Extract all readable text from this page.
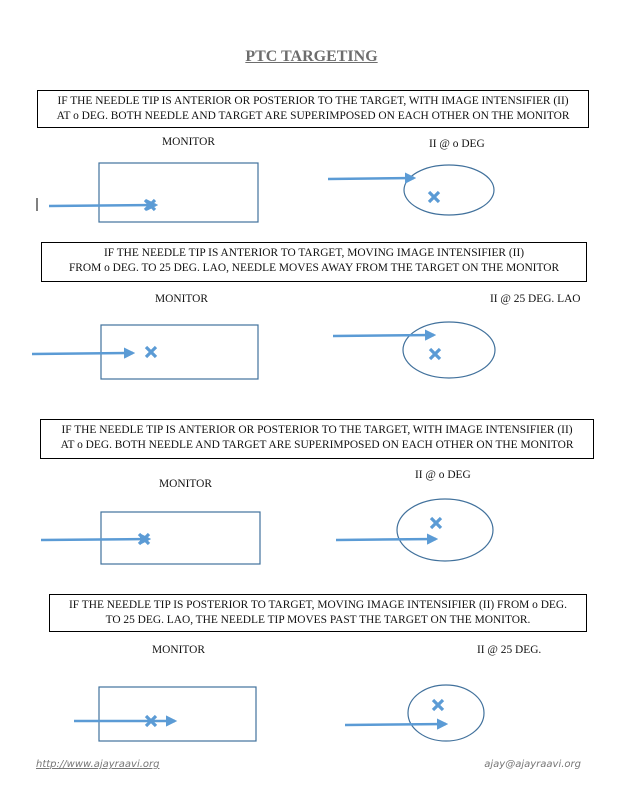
PTC TARGETING
IF THE NEEDLE TIP IS ANTERIOR OR POSTERIOR TO THE TARGET, WITH IMAGE INTENSIFIER (II)
AT o DEG. BOTH NEEDLE AND TARGET ARE SUPERIMPOSED ON EACH OTHER ON THE MONITOR
MONITOR	II @ o DEG
IF THE NEEDLE TIP IS ANTERIOR TO TARGET, MOVING IMAGE INTENSIFIER (II)
FROM o DEG. TO 25 DEG. LAO, NEEDLE MOVES AWAY FROM THE TARGET ON THE MONITOR
MONITOR	II @ 25 DEG. LAO
IF THE NEEDLE TIP IS ANTERIOR OR POSTERIOR TO THE TARGET, WITH IMAGE INTENSIFIER (II)
AT o DEG. BOTH NEEDLE AND TARGET ARE SUPERIMPOSED ON EACH OTHER ON THE MONITOR
MONITOR
II @ o DEG
IF THE NEEDLE TIP IS POSTERIOR TO TARGET, MOVING IMAGE INTENSIFIER (II) FROM o DEG.
TO 25 DEG. LAO, THE NEEDLE TIP MOVES PAST THE TARGET ON THE MONITOR.
MONITOR	II @ 25 DEG.
http://www.ajayraavi.org	ajay@ajayraavi.org
